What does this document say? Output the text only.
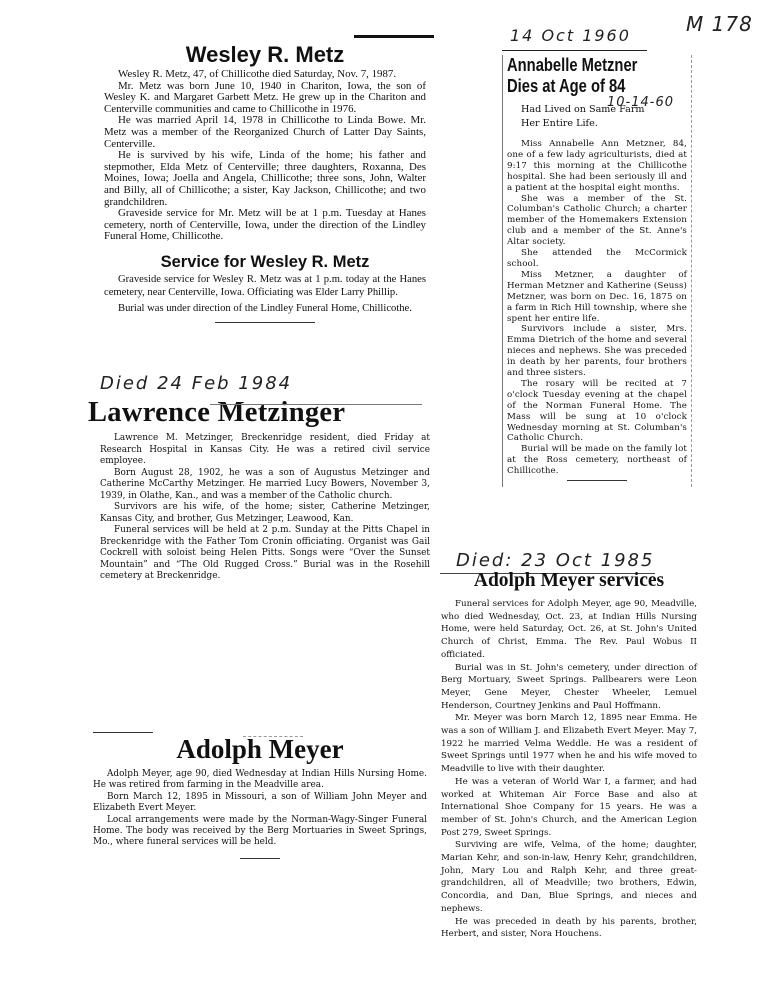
M 178
Wesley R. Metz

Wesley R. Metz, 47, of Chillicothe died Saturday, Nov. 7, 1987.

Mr. Metz was born June 10, 1940 in Chariton, Iowa, the son of Wesley K. and Margaret Garbett Metz. He grew up in the Chariton and Centerville communities and came to Chillicothe in 1976.

He was married April 14, 1978 in Chillicothe to Linda Bowe. Mr. Metz was a member of the Reorganized Church of Latter Day Saints, Centerville.

He is survived by his wife, Linda of the home; his father and stepmother, Elda Metz of Centerville; three daughters, Roxanna, Des Moines, Iowa; Joella and Angela, Chillicothe; three sons, John, Walter and Billy, all of Chillicothe; a sister, Kay Jackson, Chillicothe; and two grandchildren.

Graveside service for Mr. Metz will be at 1 p.m. Tuesday at Hanes cemetery, north of Centerville, Iowa, under the direction of the Lindley Funeral Home, Chillicothe.

Service for Wesley R. Metz

Graveside service for Wesley R. Metz was at 1 p.m. today at the Hanes cemetery, near Centerville, Iowa. Officiating was Elder Larry Phillip.

Burial was under direction of the Lindley Funeral Home, Chillicothe.

Died 24 Feb 1984
Lawrence Metzinger

Lawrence M. Metzinger, Breckenridge resident, died Friday at Research Hospital in Kansas City. He was a retired civil service employee.

Born August 28, 1902, he was a son of Augustus Metzinger and Catherine McCarthy Metzinger. He married Lucy Bowers, November 3, 1939, in Olathe, Kan., and was a member of the Catholic church.

Survivors are his wife, of the home; sister, Catherine Metzinger, Kansas City, and brother, Gus Metzinger, Leawood, Kan.

Funeral services will be held at 2 p.m. Sunday at the Pitts Chapel in Breckenridge with the Father Tom Cronin officiating. Organist was Gail Cockrell with soloist being Helen Pitts. Songs were “Over the Sunset Mountain” and “The Old Rugged Cross.” Burial was in the Rosehill cemetery at Breckenridge.

Adolph Meyer

Adolph Meyer, age 90, died Wednesday at Indian Hills Nursing Home. He was retired from farming in the Meadville area.

Born March 12, 1895 in Missouri, a son of William John Meyer and Elizabeth Evert Meyer.

Local arrangements were made by the Norman-Wagy-Singer Funeral Home. The body was received by the Berg Mortuaries in Sweet Springs, Mo., where funeral services will be held.

14 Oct 1960
Annabelle Metzner
Dies at Age of 84
10-14-60
Had Lived on Same Farm
Her Entire Life.

Miss Annabelle Ann Metzner, 84, one of a few lady agriculturists, died at 9:17 this morning at the Chillicothe hospital. She had been seriously ill and a patient at the hospital eight months.

She was a member of the St. Columban's Catholic Church; a charter member of the Homemakers Extension club and a member of the St. Anne's Altar society.

She attended the McCormick school.

Miss Metzner, a daughter of Herman Metzner and Katherine (Seuss) Metzner, was born on Dec. 16, 1875 on a farm in Rich Hill township, where she spent her entire life.

Survivors include a sister, Mrs. Emma Dietrich of the home and several nieces and nephews. She was preceded in death by her parents, four brothers and three sisters.

The rosary will be recited at 7 o'clock Tuesday evening at the chapel of the Norman Funeral Home. The Mass will be sung at 10 o'clock Wednesday morning at St. Columban's Catholic Church.

Burial will be made on the family lot at the Ross cemetery, northeast of Chillicothe.

Died: 23 Oct 1985
Adolph Meyer services

Funeral services for Adolph Meyer, age 90, Meadville, who died Wednesday, Oct. 23, at Indian Hills Nursing Home, were held Saturday, Oct. 26, at St. John's United Church of Christ, Emma. The Rev. Paul Wobus II officiated.

Burial was in St. John's cemetery, under direction of Berg Mortuary, Sweet Springs. Pallbearers were Leon Meyer, Gene Meyer, Chester Wheeler, Lemuel Henderson, Courtney Jenkins and Paul Hoffmann.

Mr. Meyer was born March 12, 1895 near Emma. He was a son of William J. and Elizabeth Evert Meyer. May 7, 1922 he married Velma Weddle. He was a resident of Sweet Springs until 1977 when he and his wife moved to Meadville to live with their daughter.

He was a veteran of World War I, a farmer, and had worked at Whiteman Air Force Base and also at International Shoe Company for 15 years. He was a member of St. John's Church, and the American Legion Post 279, Sweet Springs.

Surviving are wife, Velma, of the home; daughter, Marian Kehr, and son-in-law, Henry Kehr, grandchildren, John, Mary Lou and Ralph Kehr, and three great-grandchildren, all of Meadville; two brothers, Edwin, Concordia, and Dan, Blue Springs, and nieces and nephews.

He was preceded in death by his parents, brother, Herbert, and sister, Nora Houchens.
